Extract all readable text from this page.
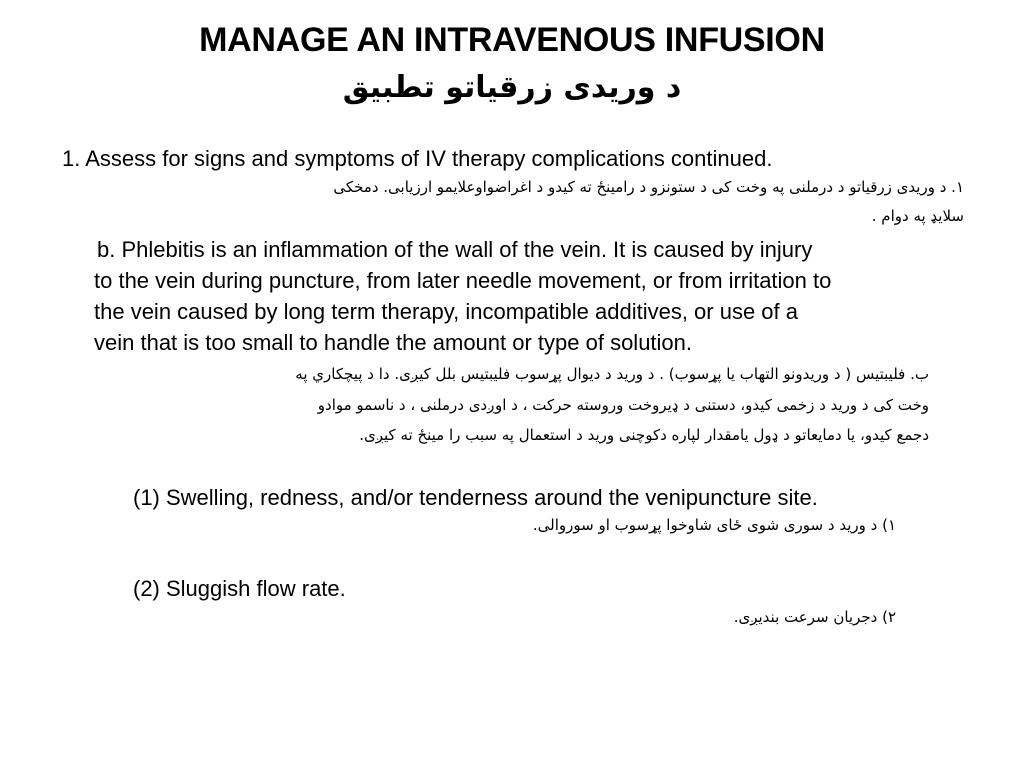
MANAGE AN INTRAVENOUS INFUSION
د وریدی زرقیاتو تطبیق
1. Assess for signs and symptoms of IV therapy complications continued.
۱. د وریدی زرقیاتو د درملنی په وخت کی د ستونزو د رامینځ ته کیدو د اغراضواوعلایمو ارزیابی. دمخکی
سلایډ په دوام .
b. Phlebitis is an inflammation of the wall of the vein. It is caused by injury
to the vein during puncture, from later needle movement, or from irritation to
the vein caused by long term therapy, incompatible additives, or use of a
vein that is too small to handle the amount or type of solution.
ب. فلیبتیس ( د وریدونو التهاب یا پړسوب) . د ورید د دیوال پړسوب فلیبتیس بلل کیږی. دا د پیچکاري په
وخت کی د ورید د زخمی کیدو، دستنی د ډیروخت وروسته حرکت ، د اوږدی درملنی ، د ناسمو موادو
دجمع کیدو، یا دمایعاتو د ډول یامقدار لپاره دکوچنی ورید د استعمال په سبب را مینځ ته کیږی.
(1) Swelling, redness, and/or tenderness around the venipuncture site.
۱) د ورید د سوری شوی ځای شاوخوا پړسوب او سوروالی.
(2) Sluggish flow rate.
۲) دجریان سرعت بندیږی.
